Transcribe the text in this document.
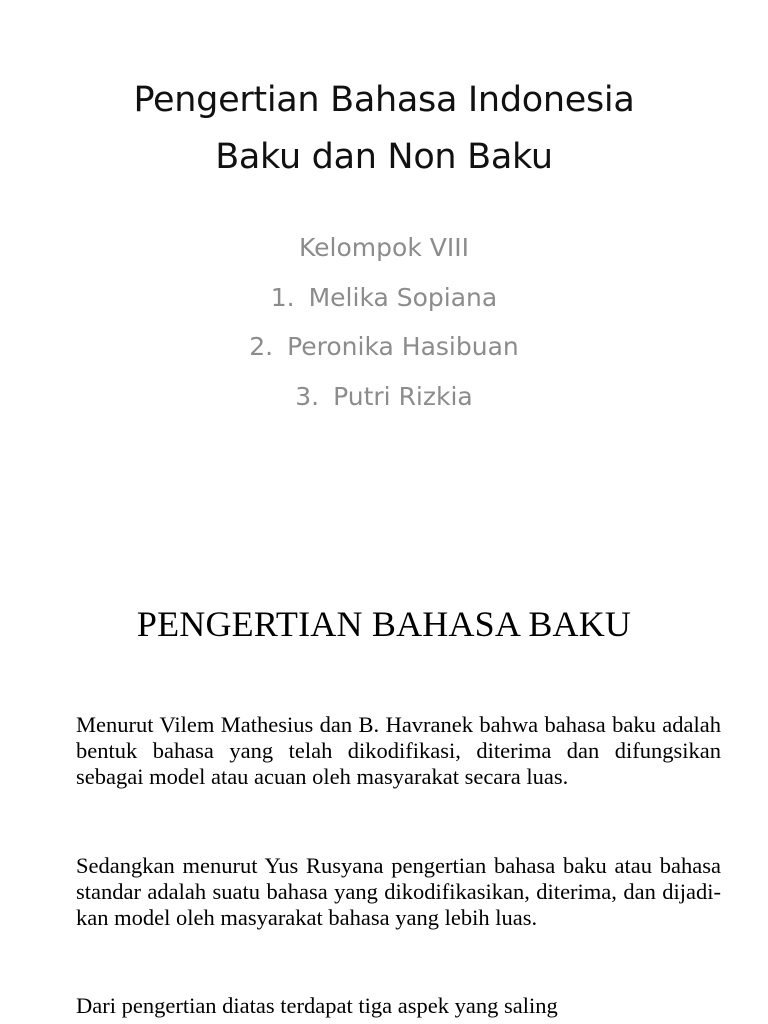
Pengertian Bahasa Indonesia
Baku dan Non Baku
Kelompok VIII
1. Melika Sopiana
2. Peronika Hasibuan
3. Putri Rizkia
PENGERTIAN BAHASA BAKU
Menurut Vilem Mathesius dan B. Havranek bahwa bahasa baku adalah bentuk bahasa yang telah dikodifikasi, diterima dan difungsikan sebagai model atau acuan oleh masyarakat secara luas.
Sedangkan menurut Yus Rusyana pengertian bahasa baku atau bahasa standar adalah suatu bahasa yang dikodifikasikan, diterima, dan dijadi-kan model oleh masyarakat bahasa yang lebih luas.
Dari pengertian diatas terdapat tiga aspek yang saling
